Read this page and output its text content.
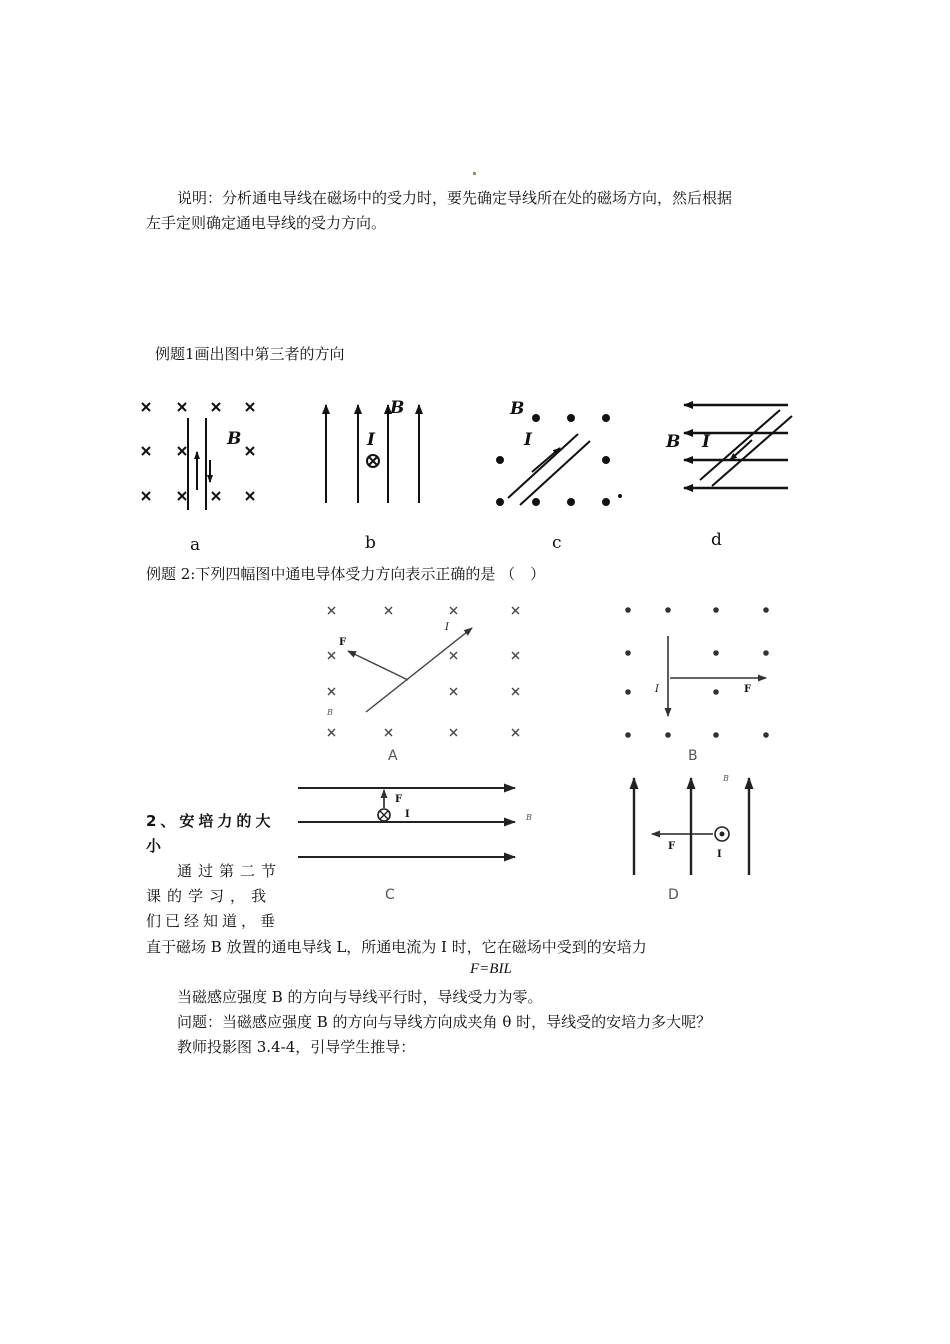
说明：分析通电导线在磁场中的受力时，要先确定导线所在处的磁场方向，然后根据
左手定则确定通电导线的受力方向。
例题1画出图中第三者的方向
B
B
I
B
I	B I
a	b	c	d
例题 2:下列四幅图中通电导体受力方向表示正确的是 （　）
F
I
B
I	F
F
I	B
B
F
I
A	B
C	D
2、安培力的大
小
通过第二节
课的学习，我
们已经知道，垂
直于磁场 B 放置的通电导线 L，所通电流为 I 时，它在磁场中受到的安培力
F=BIL
当磁感应强度 B 的方向与导线平行时，导线受力为零。
问题：当磁感应强度 B 的方向与导线方向成夹角 θ 时，导线受的安培力多大呢？
教师投影图 3.4-4，引导学生推导：
